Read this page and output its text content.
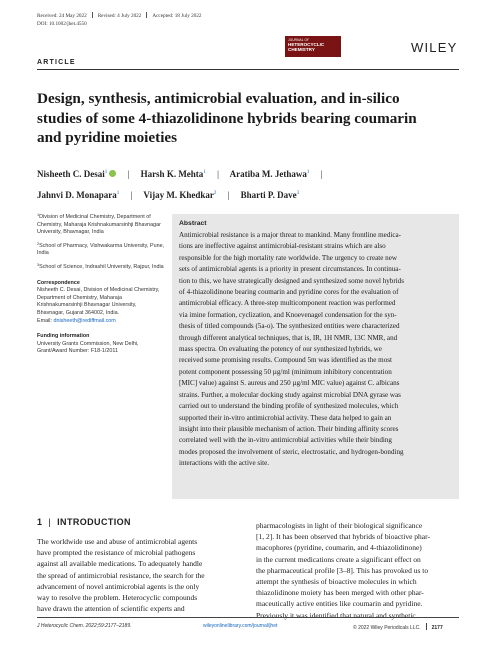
Received: 24 May 2022 Revised: 4 July 2022 Accepted: 18 July 2022
DOI: 10.1002/jhet.4550
JOURNAL OF
HETEROCYCLIC
CHEMISTRY	WILEY
ARTICLE
Design, synthesis, antimicrobial evaluation, and in-silico
studies of some 4-thiazolidinone hybrids bearing coumarin
and pyridine moieties
Nisheeth C. Desai$^1$ | Harsh K. Mehta$^1$ | Aratiba M. Jethawa$^1$ |
Jahnvi D. Monapara$^1$ | Vijay M. Khedkar$^2$ | Bharti P. Dave$^3$

$^1$Division of Medicinal Chemistry, Department of Chemistry, Maharaja Krishnakumarsinhji Bhavnagar University, Bhavnagar, India

$^2$School of Pharmacy, Vishwakarma University, Pune, India

$^3$School of Science, Indrashil University, Rajpur, India

Correspondence

Nisheeth C. Desai, Division of Medicinal Chemistry, Department of Chemistry, Maharaja Krishnakumarsinhji Bhavnagar University, Bhavnagar, Gujarat 364002, India.
Email: dnisheeth@rediffmail.com

Funding information

University Grants Commission, New Delhi, Grant/Award Number: F18-1/2011

Abstract
Antimicrobial resistance is a major threat to mankind. Many frontline medica-
tions are ineffective against antimicrobial-resistant strains which are also
responsible for the high mortality rate worldwide. The urgency to create new
sets of antimicrobial agents is a priority in present circumstances. In continua-
tion to this, we have strategically designed and synthesized some novel hybrids
of 4-thiazolidinone bearing coumarin and pyridine cores for the evaluation of
antimicrobial efficacy. A three-step multicomponent reaction was performed
via imine formation, cyclization, and Knoevenagel condensation for the syn-
thesis of titled compounds (5a-o). The synthesized entities were characterized
through different analytical techniques, that is, IR, 1H NMR, 13C NMR, and
mass spectra. On evaluating the potency of our synthesized hybrids, we
received some promising results. Compound 5m was identified as the most
potent component possessing 50 µg/ml (minimum inhibitory concentration
[MIC] value) against S. aureus and 250 µg/ml MIC value) against C. albicans
strains. Further, a molecular docking study against microbial DNA gyrase was
carried out to understand the binding profile of synthesized molecules, which
supported their in-vitro antimicrobial activity. These data helped to gain an
insight into their plausible mechanism of action. Their binding affinity scores
correlated well with the in-vitro antimicrobial activities while their binding
modes proposed the involvement of steric, electrostatic, and hydrogen-bonding
interactions with the active site.
1 | INTRODUCTION
The worldwide use and abuse of antimicrobial agents
have prompted the resistance of microbial pathogens
against all available medications. To adequately handle
the spread of antimicrobial resistance, the search for the
advancement of novel antimicrobial agents is the only
way to resolve the problem. Heterocyclic compounds
have drawn the attention of scientific experts and
pharmacologists in light of their biological significance
[1, 2]. It has been observed that hybrids of bioactive phar-
macophores (pyridine, coumarin, and 4-thiazolidinone)
in the current medications create a significant effect on
the pharmaceutical profile [3–8]. This has provoked us to
attempt the synthesis of bioactive molecules in which
thiazolidinone moiety has been merged with other phar-
maceutically active entities like coumarin and pyridine.
Previously it was identified that natural and synthetic
J Heterocyclic Chem. 2022;59:2177–2189.	wileyonlinelibrary.com/journal/jhet	© 2022 Wiley Periodicals LLC. 2177
